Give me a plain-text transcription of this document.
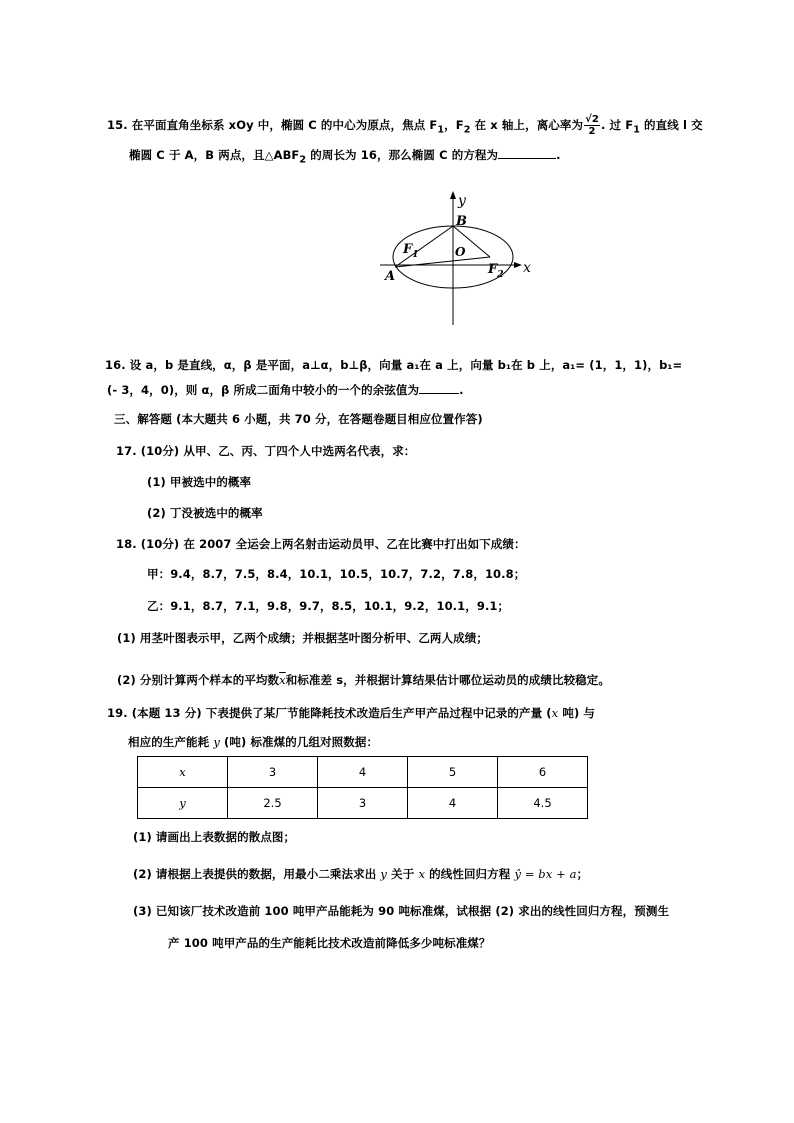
15. 在平面直角坐标系 xOy 中，椭圆 C 的中心为原点，焦点 $F_1$，$F_2$ 在 x 轴上，离心率为 $\frac{√2}{2}$ . 过 $F_1$ 的直线 l 交
椭圆 C 于 A，B 两点，且$\triangle ABF_2$ 的周长为 16，那么椭圆 C 的方程为	.
y
x
B
O
A
$F_1$
$F_2$
16. 设 a，b 是直线，α，β 是平面，a⊥α，b⊥β，向量 a₁在 a 上，向量 b₁在 b 上，a₁= (1，1，1)，b₁=
(- 3，4，0)，则 α，β 所成二面角中较小的一个的余弦值为	.
三、解答题 (本大题共 6 小题，共 70 分，在答题卷题目相应位置作答)
17. (10分) 从甲、乙、丙、丁四个人中选两名代表，求：
(1) 甲被选中的概率
(2) 丁没被选中的概率
18. (10分) 在 2007 全运会上两名射击运动员甲、乙在比赛中打出如下成绩：
甲：9.4，8.7，7.5，8.4，10.1，10.5，10.7，7.2，7.8，10.8；
乙：9.1，8.7，7.1，9.8，9.7，8.5，10.1，9.2，10.1，9.1；
(1) 用茎叶图表示甲，乙两个成绩；并根据茎叶图分析甲、乙两人成绩；
(2) 分别计算两个样本的平均数$\overline{x}$和标准差 s，并根据计算结果估计哪位运动员的成绩比较稳定。
19. (本题 13 分) 下表提供了某厂节能降耗技术改造后生产甲产品过程中记录的产量 (x 吨) 与
相应的生产能耗 y (吨) 标准煤的几组对照数据：
x	3	4	5	6
y	2.5	3	4	4.5
(1) 请画出上表数据的散点图；
(2) 请根据上表提供的数据，用最小二乘法求出 y 关于 x 的线性回归方程 ŷ = bx + a；
(3) 已知该厂技术改造前 100 吨甲产品能耗为 90 吨标准煤，试根据 (2) 求出的线性回归方程，预测生
产 100 吨甲产品的生产能耗比技术改造前降低多少吨标准煤？
